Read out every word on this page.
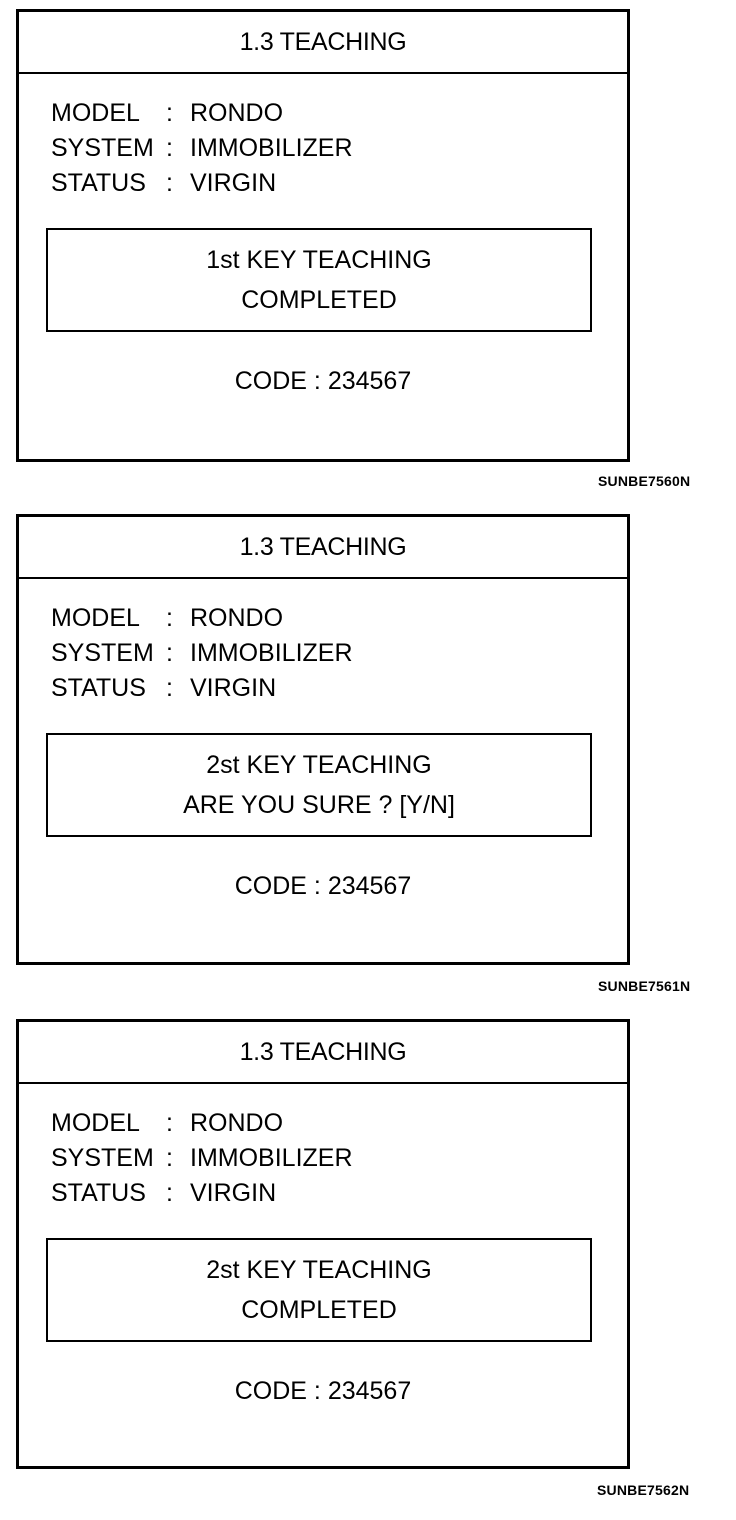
1.3 TEACHING
MODEL	: RONDO
SYSTEM : IMMOBILIZER
STATUS : VIRGIN
1st KEY TEACHING
COMPLETED
CODE : 234567
SUNBE7560N
1.3 TEACHING
MODEL	: RONDO
SYSTEM : IMMOBILIZER
STATUS : VIRGIN
2st KEY TEACHING
ARE YOU SURE ? [Y/N]
CODE : 234567
SUNBE7561N
1.3 TEACHING
MODEL	: RONDO
SYSTEM : IMMOBILIZER
STATUS : VIRGIN
2st KEY TEACHING
COMPLETED
CODE : 234567
SUNBE7562N
